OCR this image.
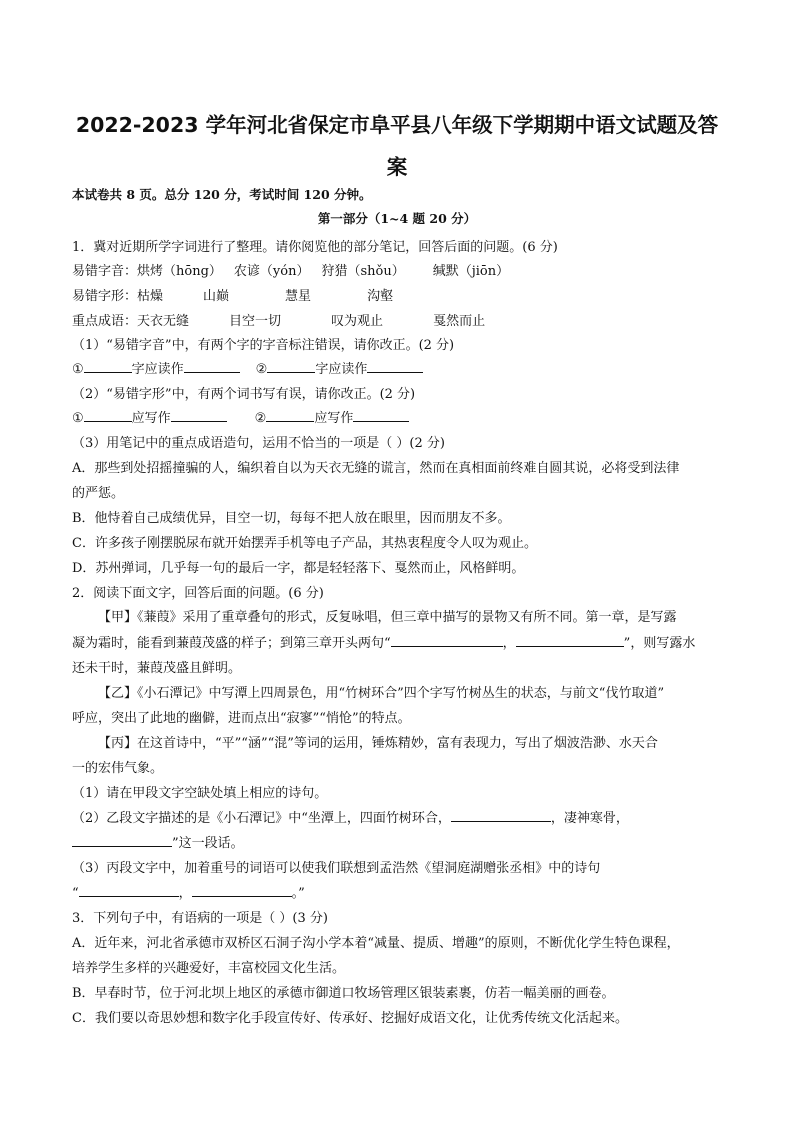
2022-2023 学年河北省保定市阜平县八年级下学期期中语文试题及答
案
本试卷共 8 页。总分 120 分，考试时间 120 分钟。
第一部分（1~4 题 20 分）
1．冀对近期所学字词进行了整理。请你阅览他的部分笔记，回答后面的问题。(6 分)
易错字音：烘烤（hōng） 农谚（yón） 狩猎（shǒu） 缄默（jiōn）
易错字形：枯燥	山巅	慧星	沟壑
重点成语：天衣无缝	目空一切	叹为观止	戛然而止
（1）“易错字音”中，有两个字的字音标注错误，请你改正。(2 分)
①	字应读作	②	字应读作
（2）“易错字形”中，有两个词书写有误，请你改正。(2 分)
①	应写作	②	应写作
（3）用笔记中的重点成语造句，运用不恰当的一项是（ ）(2 分)
A．那些到处招摇撞骗的人，编织着自以为天衣无缝的谎言，然而在真相面前终难自圆其说，必将受到法律
的严惩。
B．他恃着自己成绩优异，目空一切，每每不把人放在眼里，因而朋友不多。
C．许多孩子刚摆脱尿布就开始摆弄手机等电子产品，其热衷程度令人叹为观止。
D．苏州弹词，几乎每一句的最后一字，都是轻轻落下、戛然而止，风格鲜明。
2．阅读下面文字，回答后面的问题。(6 分)
【甲】《蒹葭》采用了重章叠句的形式，反复咏唱，但三章中描写的景物又有所不同。第一章，是写露
凝为霜时，能看到蒹葭茂盛的样子；到第三章开头两句“	，	”，则写露水
还未干时，蒹葭茂盛且鲜明。
【乙】《小石潭记》中写潭上四周景色，用“竹树环合”四个字写竹树丛生的状态，与前文“伐竹取道”
呼应，突出了此地的幽僻，进而点出“寂寥”“悄怆”的特点。
【丙】在这首诗中，“平”“涵”“混”等词的运用，锤炼精妙，富有表现力，写出了烟波浩渺、水天合
一的宏伟气象。
（1）请在甲段文字空缺处填上相应的诗句。
（2）乙段文字描述的是《小石潭记》中“坐潭上，四面竹树环合，	，凄神寒骨，
”这一段话。
（3）丙段文字中，加着重号的词语可以使我们联想到孟浩然《望洞庭湖赠张丞相》中的诗句
“	，	。”
3．下列句子中，有语病的一项是（ ）(3 分)
A．近年来，河北省承德市双桥区石洞子沟小学本着“减量、提质、增趣”的原则，不断优化学生特色课程，
培养学生多样的兴趣爱好，丰富校园文化生活。
B．早春时节，位于河北坝上地区的承德市御道口牧场管理区银装素裹，仿若一幅美丽的画卷。
C．我们要以奇思妙想和数字化手段宣传好、传承好、挖掘好成语文化，让优秀传统文化活起来。
